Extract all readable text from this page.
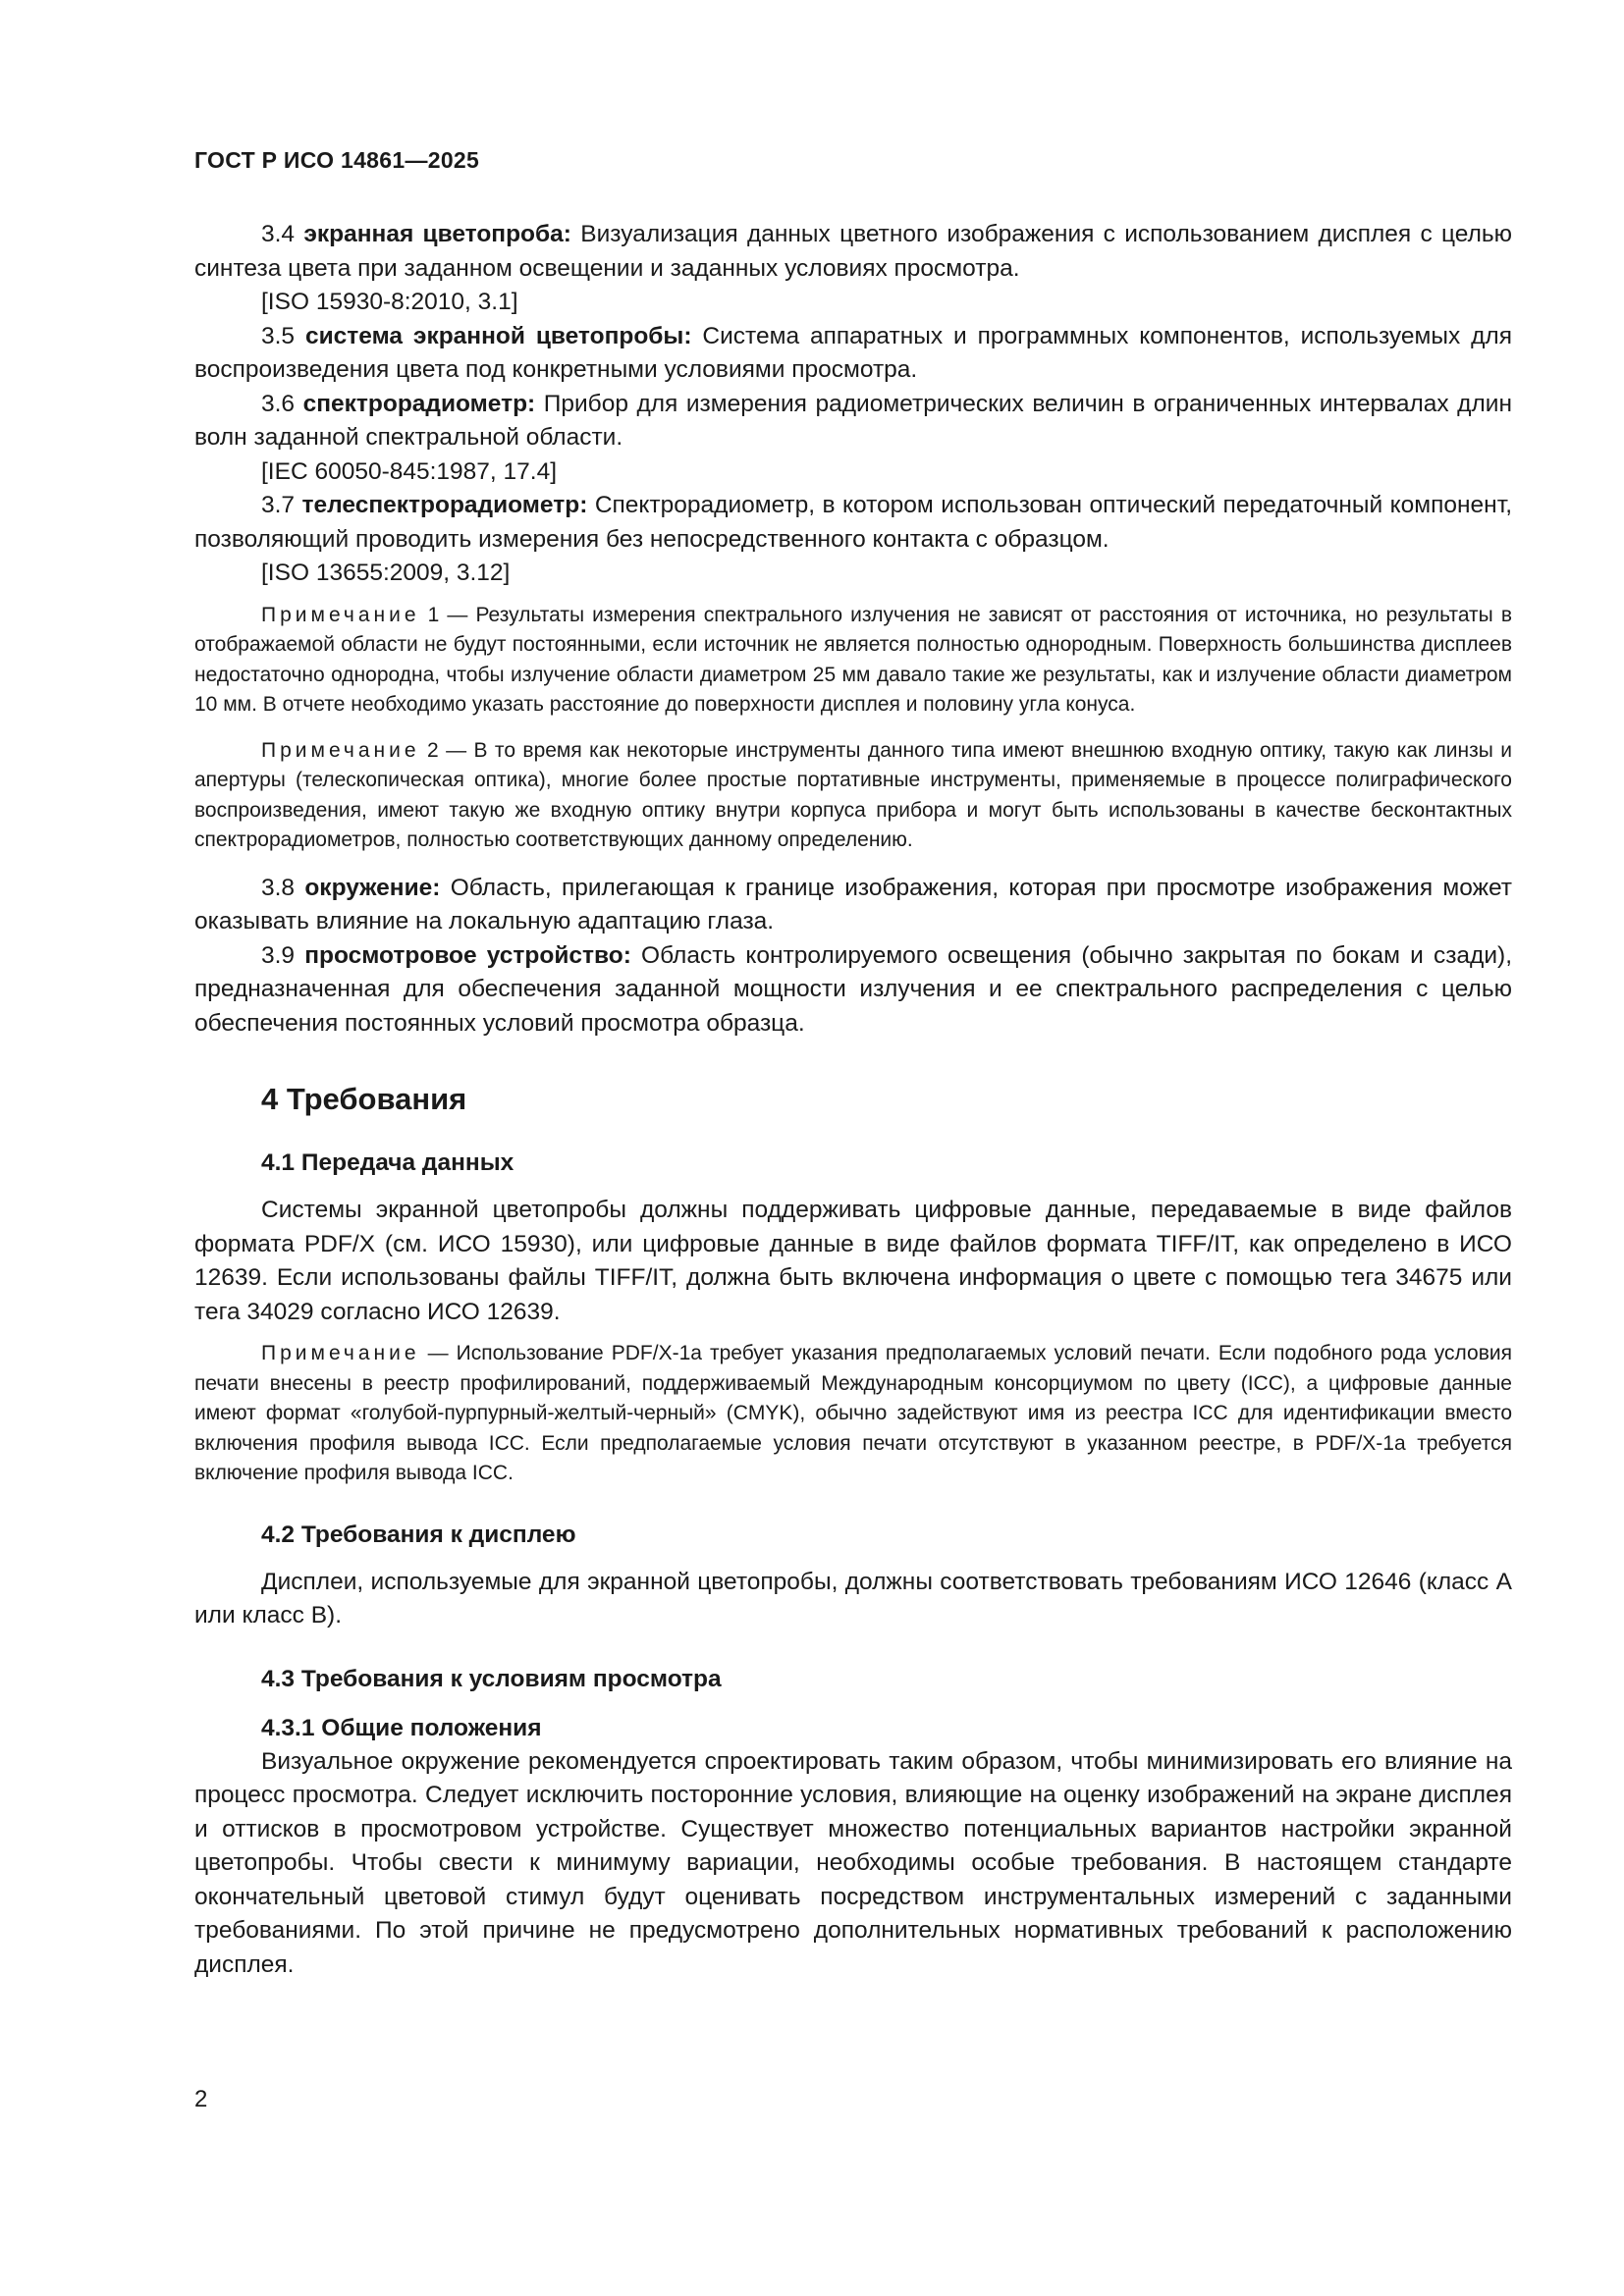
ГОСТ Р ИСО 14861—2025

3.4 экранная цветопроба: Визуализация данных цветного изображения с использованием дисплея с целью синтеза цвета при заданном освещении и заданных условиях просмотра.

[ISO 15930-8:2010, 3.1]

3.5 система экранной цветопробы: Система аппаратных и программных компонентов, используемых для воспроизведения цвета под конкретными условиями просмотра.

3.6 спектрорадиометр: Прибор для измерения радиометрических величин в ограниченных интервалах длин волн заданной спектральной области.

[IEC 60050-845:1987, 17.4]

3.7 телеспектрорадиометр: Спектрорадиометр, в котором использован оптический передаточный компонент, позволяющий проводить измерения без непосредственного контакта с образцом.

[ISO 13655:2009, 3.12]

Примечание 1 — Результаты измерения спектрального излучения не зависят от расстояния от источника, но результаты в отображаемой области не будут постоянными, если источник не является полностью однородным. Поверхность большинства дисплеев недостаточно однородна, чтобы излучение области диаметром 25 мм давало такие же результаты, как и излучение области диаметром 10 мм. В отчете необходимо указать расстояние до поверхности дисплея и половину угла конуса.

Примечание 2 — В то время как некоторые инструменты данного типа имеют внешнюю входную оптику, такую как линзы и апертуры (телескопическая оптика), многие более простые портативные инструменты, применяемые в процессе полиграфического воспроизведения, имеют такую же входную оптику внутри корпуса прибора и могут быть использованы в качестве бесконтактных спектрорадиометров, полностью соответствующих данному определению.

3.8 окружение: Область, прилегающая к границе изображения, которая при просмотре изображения может оказывать влияние на локальную адаптацию глаза.

3.9 просмотровое устройство: Область контролируемого освещения (обычно закрытая по бокам и сзади), предназначенная для обеспечения заданной мощности излучения и ее спектрального распределения с целью обеспечения постоянных условий просмотра образца.

4 Требования
4.1 Передача данных

Системы экранной цветопробы должны поддерживать цифровые данные, передаваемые в виде файлов формата PDF/X (см. ИСО 15930), или цифровые данные в виде файлов формата TIFF/IT, как определено в ИСО 12639. Если использованы файлы TIFF/IT, должна быть включена информация о цвете с помощью тега 34675 или тега 34029 согласно ИСО 12639.

Примечание — Использование PDF/X-1a требует указания предполагаемых условий печати. Если подобного рода условия печати внесены в реестр профилирований, поддерживаемый Международным консорциумом по цвету (ICC), а цифровые данные имеют формат «голубой-пурпурный-желтый-черный» (CMYK), обычно задействуют имя из реестра ICC для идентификации вместо включения профиля вывода ICC. Если предполагаемые условия печати отсутствуют в указанном реестре, в PDF/X-1a требуется включение профиля вывода ICC.

4.2 Требования к дисплею

Дисплеи, используемые для экранной цветопробы, должны соответствовать требованиям ИСО 12646 (класс А или класс В).

4.3 Требования к условиям просмотра
4.3.1 Общие положения

Визуальное окружение рекомендуется спроектировать таким образом, чтобы минимизировать его влияние на процесс просмотра. Следует исключить посторонние условия, влияющие на оценку изображений на экране дисплея и оттисков в просмотровом устройстве. Существует множество потенциальных вариантов настройки экранной цветопробы. Чтобы свести к минимуму вариации, необходимы особые требования. В настоящем стандарте окончательный цветовой стимул будут оценивать посредством инструментальных измерений с заданными требованиями. По этой причине не предусмотрено дополнительных нормативных требований к расположению дисплея.

2
